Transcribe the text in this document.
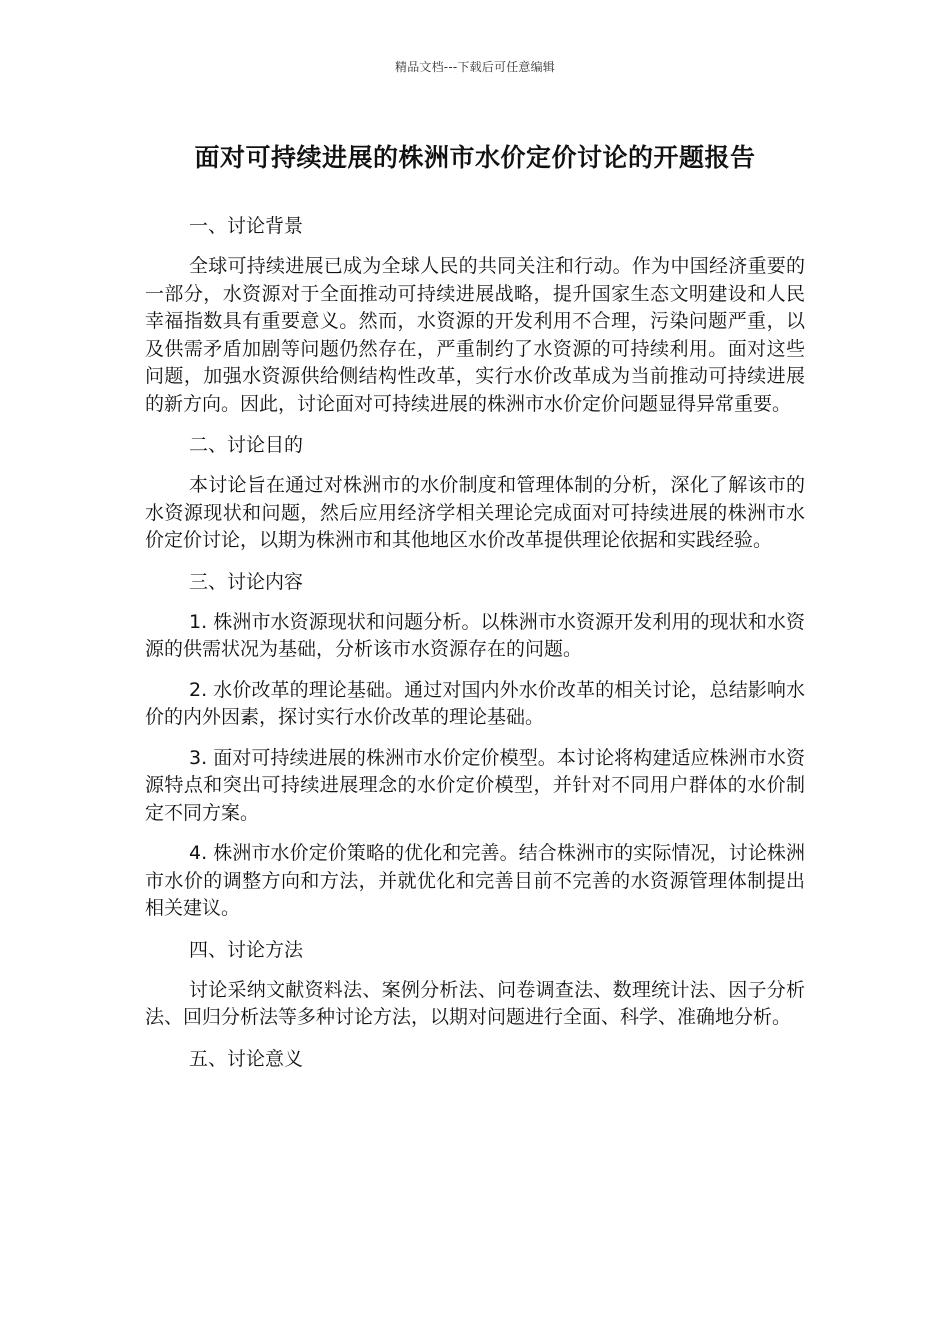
精品文档---下载后可任意编辑
面对可持续进展的株洲市水价定价讨论的开题报告

一、讨论背景

全球可持续进展已成为全球人民的共同关注和行动。作为中国经济重要的一部分，水资源对于全面推动可持续进展战略，提升国家生态文明建设和人民幸福指数具有重要意义。然而，水资源的开发利用不合理，污染问题严重，以及供需矛盾加剧等问题仍然存在，严重制约了水资源的可持续利用。面对这些问题，加强水资源供给侧结构性改革，实行水价改革成为当前推动可持续进展的新方向。因此，讨论面对可持续进展的株洲市水价定价问题显得异常重要。

二、讨论目的

本讨论旨在通过对株洲市的水价制度和管理体制的分析，深化了解该市的水资源现状和问题，然后应用经济学相关理论完成面对可持续进展的株洲市水价定价讨论，以期为株洲市和其他地区水价改革提供理论依据和实践经验。

三、讨论内容

1. 株洲市水资源现状和问题分析。以株洲市水资源开发利用的现状和水资源的供需状况为基础，分析该市水资源存在的问题。

2. 水价改革的理论基础。通过对国内外水价改革的相关讨论，总结影响水价的内外因素，探讨实行水价改革的理论基础。

3. 面对可持续进展的株洲市水价定价模型。本讨论将构建适应株洲市水资源特点和突出可持续进展理念的水价定价模型，并针对不同用户群体的水价制定不同方案。

4. 株洲市水价定价策略的优化和完善。结合株洲市的实际情况，讨论株洲市水价的调整方向和方法，并就优化和完善目前不完善的水资源管理体制提出相关建议。

四、讨论方法

讨论采纳文献资料法、案例分析法、问卷调查法、数理统计法、因子分析法、回归分析法等多种讨论方法，以期对问题进行全面、科学、准确地分析。

五、讨论意义
